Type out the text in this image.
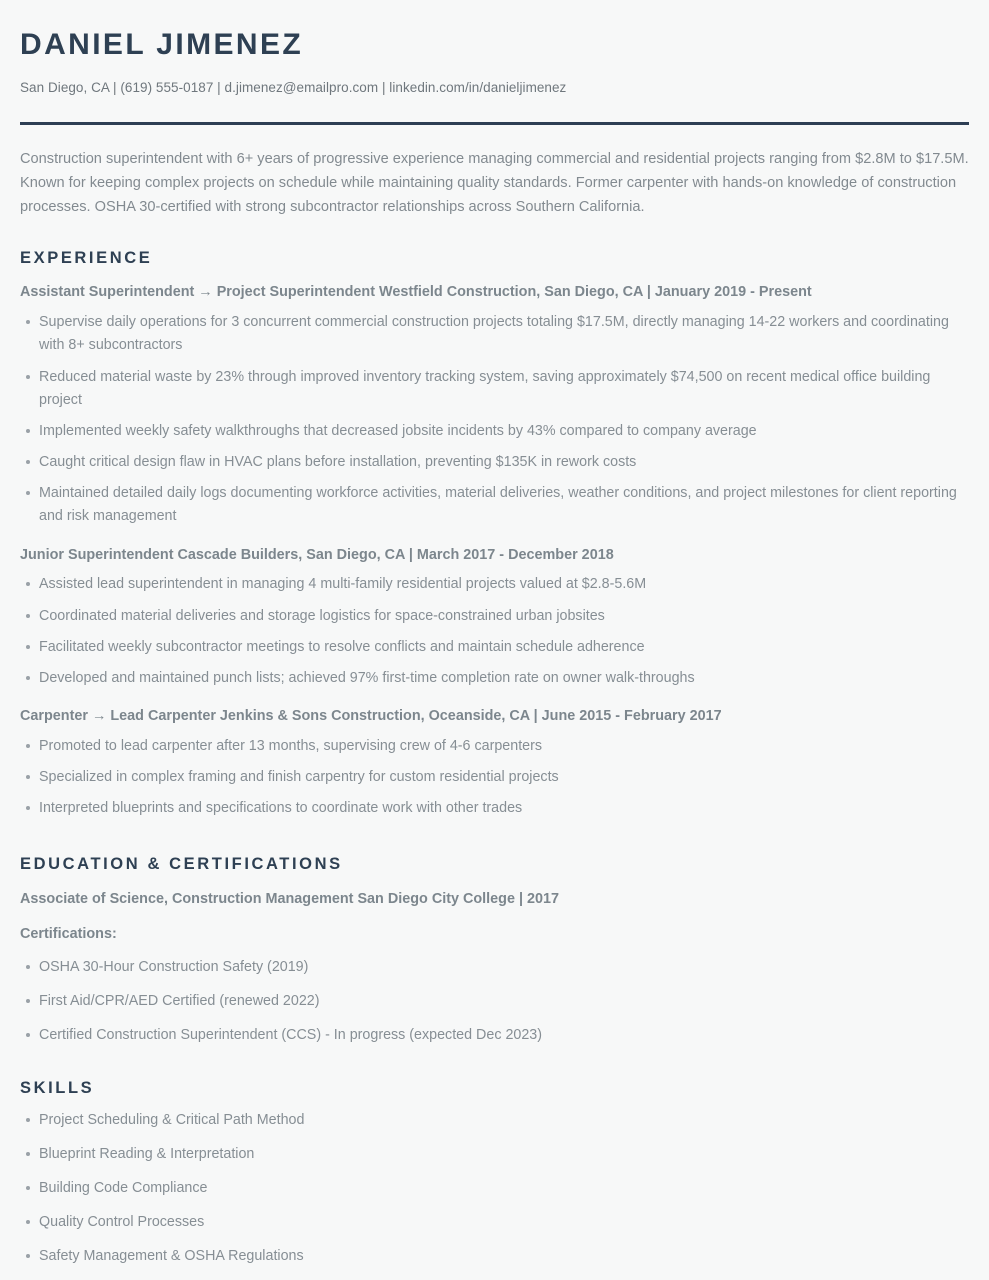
DANIEL JIMENEZ
San Diego, CA | (619) 555-0187 | d.jimenez@emailpro.com | linkedin.com/in/danieljimenez

Construction superintendent with 6+ years of progressive experience managing commercial and residential projects ranging from $2.8M to $17.5M. Known for keeping complex projects on schedule while maintaining quality standards. Former carpenter with hands-on knowledge of construction processes. OSHA 30-certified with strong subcontractor relationships across Southern California.

EXPERIENCE
Assistant Superintendent → Project Superintendent Westfield Construction, San Diego, CA | January 2019 - Present
Supervise daily operations for 3 concurrent commercial construction projects totaling $17.5M, directly managing 14-22 workers and coordinating with 8+ subcontractors
Reduced material waste by 23% through improved inventory tracking system, saving approximately $74,500 on recent medical office building project
Implemented weekly safety walkthroughs that decreased jobsite incidents by 43% compared to company average
Caught critical design flaw in HVAC plans before installation, preventing $135K in rework costs
Maintained detailed daily logs documenting workforce activities, material deliveries, weather conditions, and project milestones for client reporting and risk management
Junior Superintendent Cascade Builders, San Diego, CA | March 2017 - December 2018
Assisted lead superintendent in managing 4 multi-family residential projects valued at $2.8-5.6M
Coordinated material deliveries and storage logistics for space-constrained urban jobsites
Facilitated weekly subcontractor meetings to resolve conflicts and maintain schedule adherence
Developed and maintained punch lists; achieved 97% first-time completion rate on owner walk-throughs
Carpenter → Lead Carpenter Jenkins & Sons Construction, Oceanside, CA | June 2015 - February 2017
Promoted to lead carpenter after 13 months, supervising crew of 4-6 carpenters
Specialized in complex framing and finish carpentry for custom residential projects
Interpreted blueprints and specifications to coordinate work with other trades
EDUCATION & CERTIFICATIONS
Associate of Science, Construction Management San Diego City College | 2017
Certifications:
OSHA 30-Hour Construction Safety (2019)
First Aid/CPR/AED Certified (renewed 2022)
Certified Construction Superintendent (CCS) - In progress (expected Dec 2023)
SKILLS
Project Scheduling & Critical Path Method
Blueprint Reading & Interpretation
Building Code Compliance
Quality Control Processes
Safety Management & OSHA Regulations
